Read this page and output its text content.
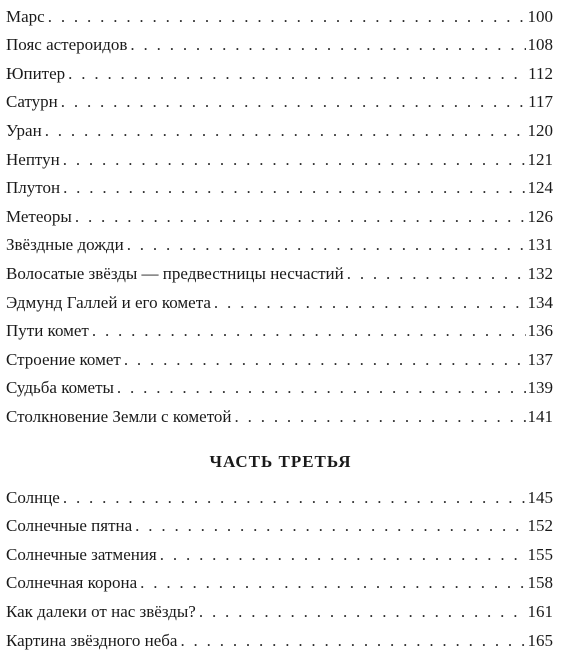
Марс . . .	100
Пояс астероидов . . .	108
Юпитер . . .	112
Сатурн . . .	117
Уран . . .	120
Нептун . . .	121
Плутон . . .	124
Метеоры . . .	126
Звёздные дожди . . .	131
Волосатые звёзды — предвестницы несчастий . . .	132
Эдмунд Галлей и его комета . . .	134
Пути комет . . .	136
Строение комет . . .	137
Судьба кометы . . .	139
Столкновение Земли с кометой . . .	141
ЧАСТЬ ТРЕТЬЯ
Солнце . . .	145
Солнечные пятна . . .	152
Солнечные затмения . . .	155
Солнечная корона . . .	158
Как далеки от нас звёзды? . . .	161
Картина звёздного неба . . .	165
